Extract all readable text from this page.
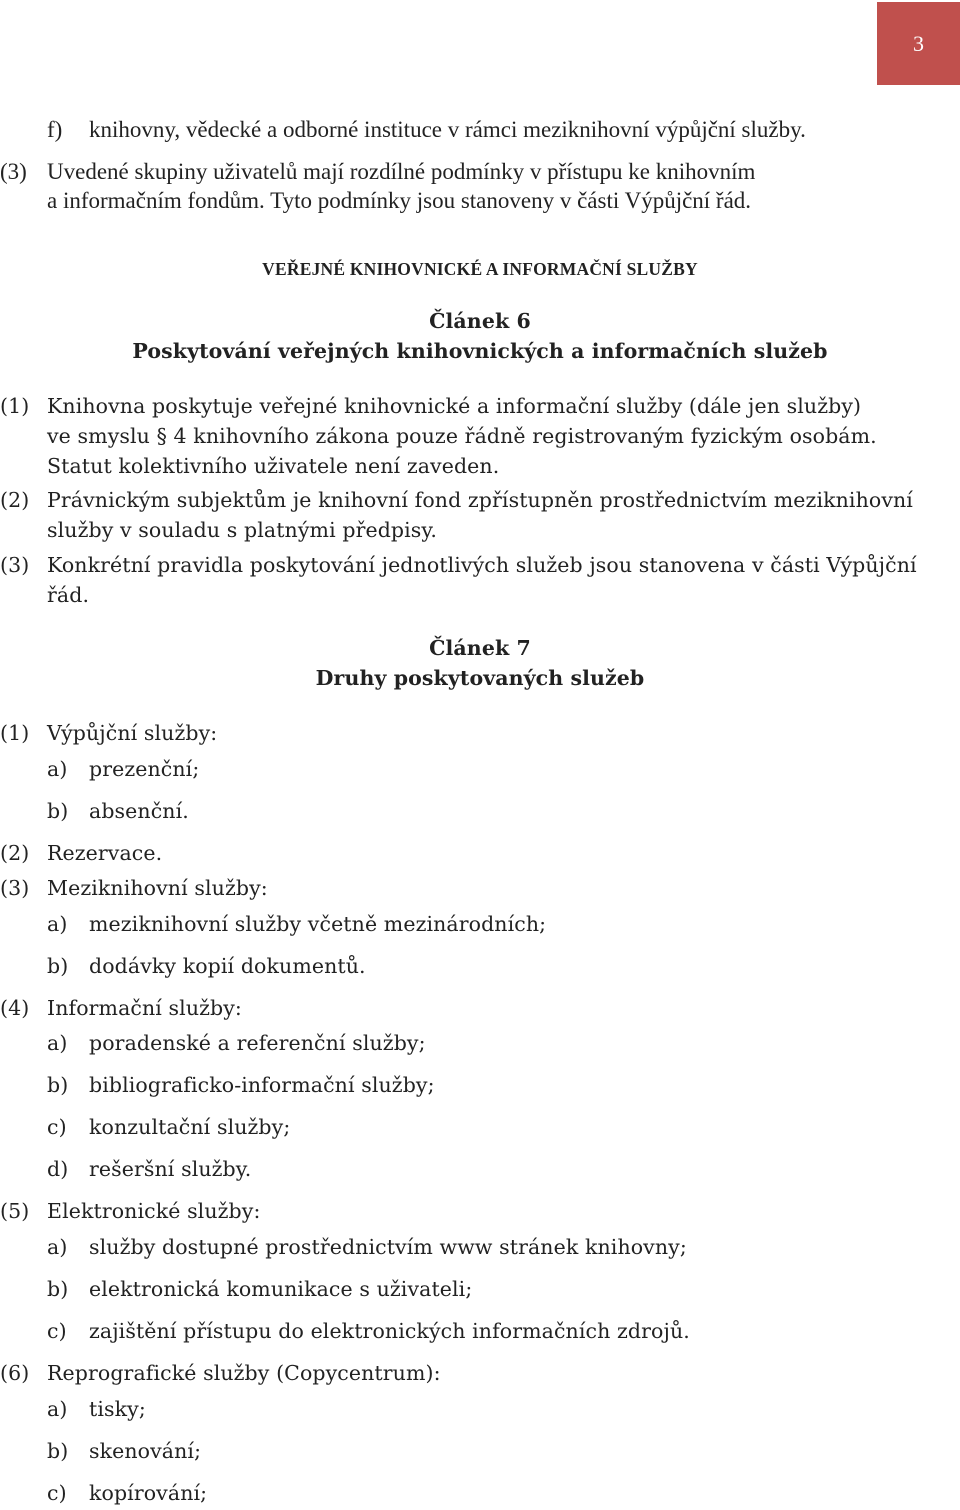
3
f) knihovny, vědecké a odborné instituce v rámci meziknihovní výpůjční služby.
(3) Uvedené skupiny uživatelů mají rozdílné podmínky v přístupu ke knihovním
a informačním fondům. Tyto podmínky jsou stanoveny v části Výpůjční řád.
VEŘEJNÉ KNIHOVNICKÉ A INFORMAČNÍ SLUŽBY
Článek 6
Poskytování veřejných knihovnických a informačních služeb
(1) Knihovna poskytuje veřejné knihovnické a informační služby (dále jen služby)
ve smyslu § 4 knihovního zákona pouze řádně registrovaným fyzickým osobám.
Statut kolektivního uživatele není zaveden.
(2) Právnickým subjektům je knihovní fond zpřístupněn prostřednictvím meziknihovní
služby v souladu s platnými předpisy.
(3) Konkrétní pravidla poskytování jednotlivých služeb jsou stanovena v části Výpůjční
řád.
Článek 7
Druhy poskytovaných služeb
(1) Výpůjční služby:
a) prezenční;
b) absenční.
(2) Rezervace.
(3) Meziknihovní služby:
a) meziknihovní služby včetně mezinárodních;
b) dodávky kopií dokumentů.
(4) Informační služby:
a) poradenské a referenční služby;
b) bibliograficko-informační služby;
c) konzultační služby;
d) rešeršní služby.
(5) Elektronické služby:
a) služby dostupné prostřednictvím www stránek knihovny;
b) elektronická komunikace s uživateli;
c) zajištění přístupu do elektronických informačních zdrojů.
(6) Reprografické služby (Copycentrum):
a) tisky;
b) skenování;
c) kopírování;
